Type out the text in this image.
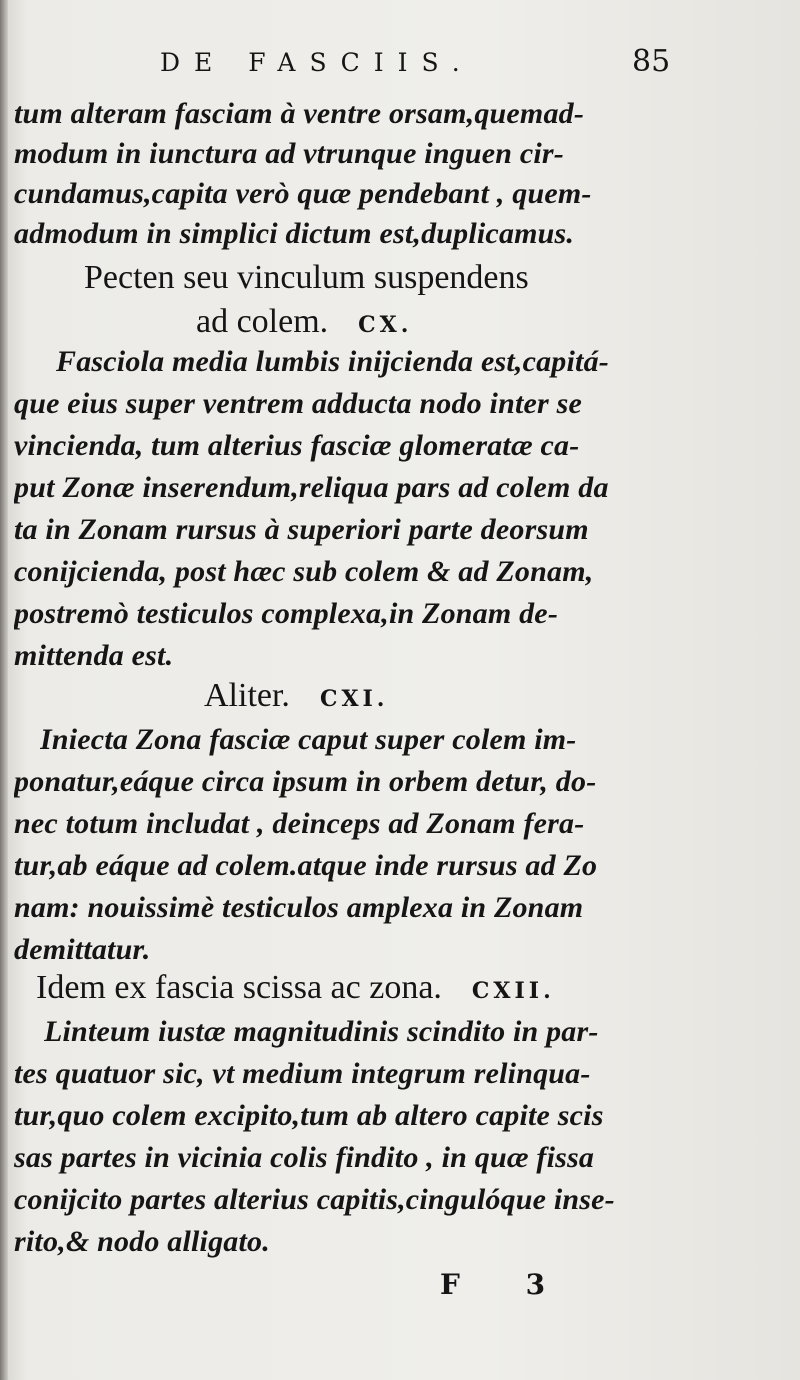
DE FASCIIS.	85
tum alteram fasciam à ventre orsam,quemad-
modum in iunctura ad vtrunque inguen cir-
cundamus,capita verò quæ pendebant , quem-
admodum in simplici dictum est,duplicamus.
Pecten seu vinculum suspendens
ad colem. CX.
Fasciola media lumbis inijcienda est,capitá-
que eius super ventrem adducta nodo inter se
vincienda, tum alterius fasciæ glomeratæ ca-
put Zonæ inserendum,reliqua pars ad colem da
ta in Zonam rursus à superiori parte deorsum
conijcienda, post hæc sub colem & ad Zonam,
postremò testiculos complexa,in Zonam de-
mittenda est.
Aliter. CXI.
Iniecta Zona fasciæ caput super colem im-
ponatur,eáque circa ipsum in orbem detur, do-
nec totum includat , deinceps ad Zonam fera-
tur,ab eáque ad colem.atque inde rursus ad Zo
nam: nouissimè testiculos amplexa in Zonam
demittatur.
Idem ex fascia scissa ac zona. CXII.
Linteum iustæ magnitudinis scindito in par-
tes quatuor sic, vt medium integrum relinqua-
tur,quo colem excipito,tum ab altero capite scis
sas partes in vicinia colis findito , in quæ fissa
conijcito partes alterius capitis,cingulóque inse-
rito,& nodo alligato.
F 3
